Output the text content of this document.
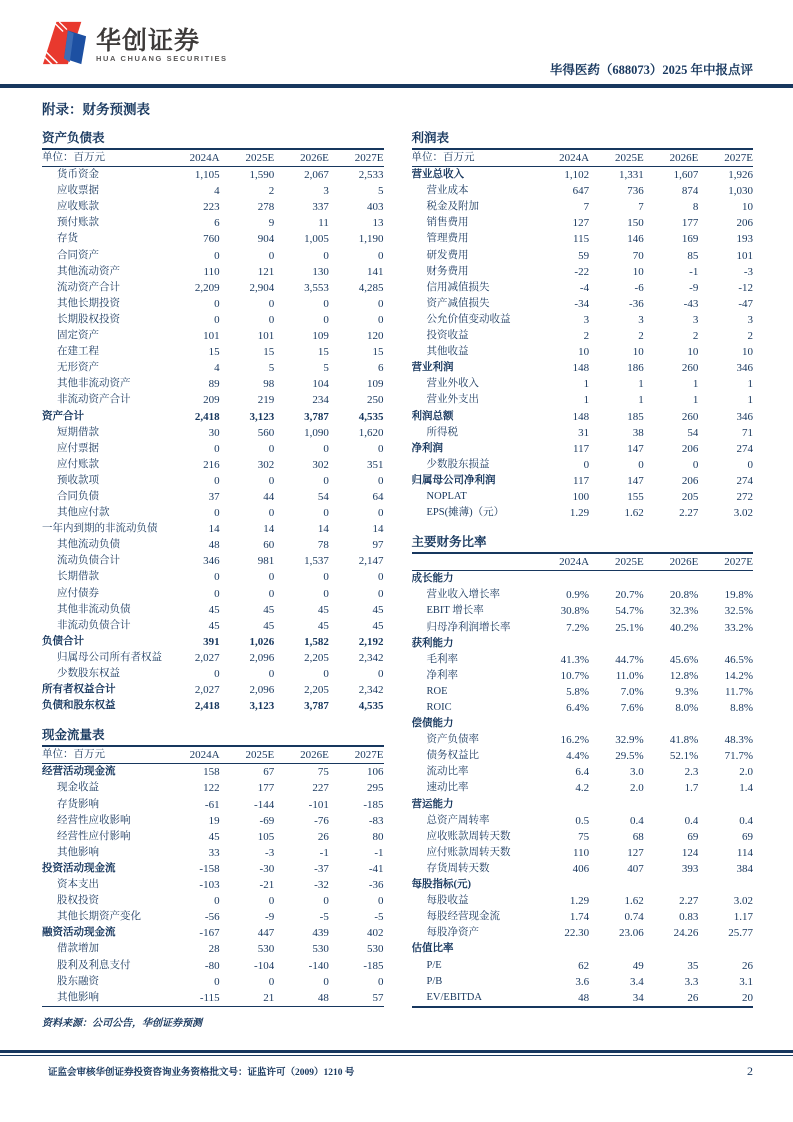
华创证券
HUA CHUANG SECURITIES
毕得医药（688073）2025 年中报点评
附录：财务预测表
资产负债表
单位：百万元	2024A	2025E	2026E	2027E
货币资金	1,105	1,590	2,067	2,533
应收票据	4	2	3	5
应收账款	223	278	337	403
预付账款	6	9	11	13
存货	760	904	1,005	1,190
合同资产	0	0	0	0
其他流动资产	110	121	130	141
流动资产合计	2,209	2,904	3,553	4,285
其他长期投资	0	0	0	0
长期股权投资	0	0	0	0
固定资产	101	101	109	120
在建工程	15	15	15	15
无形资产	4	5	5	6
其他非流动资产	89	98	104	109
非流动资产合计	209	219	234	250
资产合计	2,418	3,123	3,787	4,535
短期借款	30	560	1,090	1,620
应付票据	0	0	0	0
应付账款	216	302	302	351
预收款项	0	0	0	0
合同负债	37	44	54	64
其他应付款	0	0	0	0
一年内到期的非流动负债	14	14	14	14
其他流动负债	48	60	78	97
流动负债合计	346	981	1,537	2,147
长期借款	0	0	0	0
应付债券	0	0	0	0
其他非流动负债	45	45	45	45
非流动负债合计	45	45	45	45
负债合计	391	1,026	1,582	2,192
归属母公司所有者权益	2,027	2,096	2,205	2,342
少数股东权益	0	0	0	0
所有者权益合计	2,027	2,096	2,205	2,342
负债和股东权益	2,418	3,123	3,787	4,535
现金流量表
单位：百万元	2024A	2025E	2026E	2027E
经营活动现金流	158	67	75	106
现金收益	122	177	227	295
存货影响	-61	-144	-101	-185
经营性应收影响	19	-69	-76	-83
经营性应付影响	45	105	26	80
其他影响	33	-3	-1	-1
投资活动现金流	-158	-30	-37	-41
资本支出	-103	-21	-32	-36
股权投资	0	0	0	0
其他长期资产变化	-56	-9	-5	-5
融资活动现金流	-167	447	439	402
借款增加	28	530	530	530
股利及利息支付	-80	-104	-140	-185
股东融资	0	0	0	0
其他影响	-115	21	48	57
资料来源：公司公告，华创证券预测
利润表
单位：百万元	2024A	2025E	2026E	2027E
营业总收入	1,102	1,331	1,607	1,926
营业成本	647	736	874	1,030
税金及附加	7	7	8	10
销售费用	127	150	177	206
管理费用	115	146	169	193
研发费用	59	70	85	101
财务费用	-22	10	-1	-3
信用减值损失	-4	-6	-9	-12
资产减值损失	-34	-36	-43	-47
公允价值变动收益	3	3	3	3
投资收益	2	2	2	2
其他收益	10	10	10	10
营业利润	148	186	260	346
营业外收入	1	1	1	1
营业外支出	1	1	1	1
利润总额	148	185	260	346
所得税	31	38	54	71
净利润	117	147	206	274
少数股东损益	0	0	0	0
归属母公司净利润	117	147	206	274
NOPLAT	100	155	205	272
EPS(摊薄)（元）	1.29	1.62	2.27	3.02
主要财务比率
	2024A	2025E	2026E	2027E
成长能力				
营业收入增长率	0.9%	20.7%	20.8%	19.8%
EBIT 增长率	30.8%	54.7%	32.3%	32.5%
归母净利润增长率	7.2%	25.1%	40.2%	33.2%
获利能力				
毛利率	41.3%	44.7%	45.6%	46.5%
净利率	10.7%	11.0%	12.8%	14.2%
ROE	5.8%	7.0%	9.3%	11.7%
ROIC	6.4%	7.6%	8.0%	8.8%
偿债能力				
资产负债率	16.2%	32.9%	41.8%	48.3%
债务权益比	4.4%	29.5%	52.1%	71.7%
流动比率	6.4	3.0	2.3	2.0
速动比率	4.2	2.0	1.7	1.4
营运能力				
总资产周转率	0.5	0.4	0.4	0.4
应收账款周转天数	75	68	69	69
应付账款周转天数	110	127	124	114
存货周转天数	406	407	393	384
每股指标(元)				
每股收益	1.29	1.62	2.27	3.02
每股经营现金流	1.74	0.74	0.83	1.17
每股净资产	22.30	23.06	24.26	25.77
估值比率				
P/E	62	49	35	26
P/B	3.6	3.4	3.3	3.1
EV/EBITDA	48	34	26	20
证监会审核华创证券投资咨询业务资格批文号：证监许可（2009）1210 号	2
